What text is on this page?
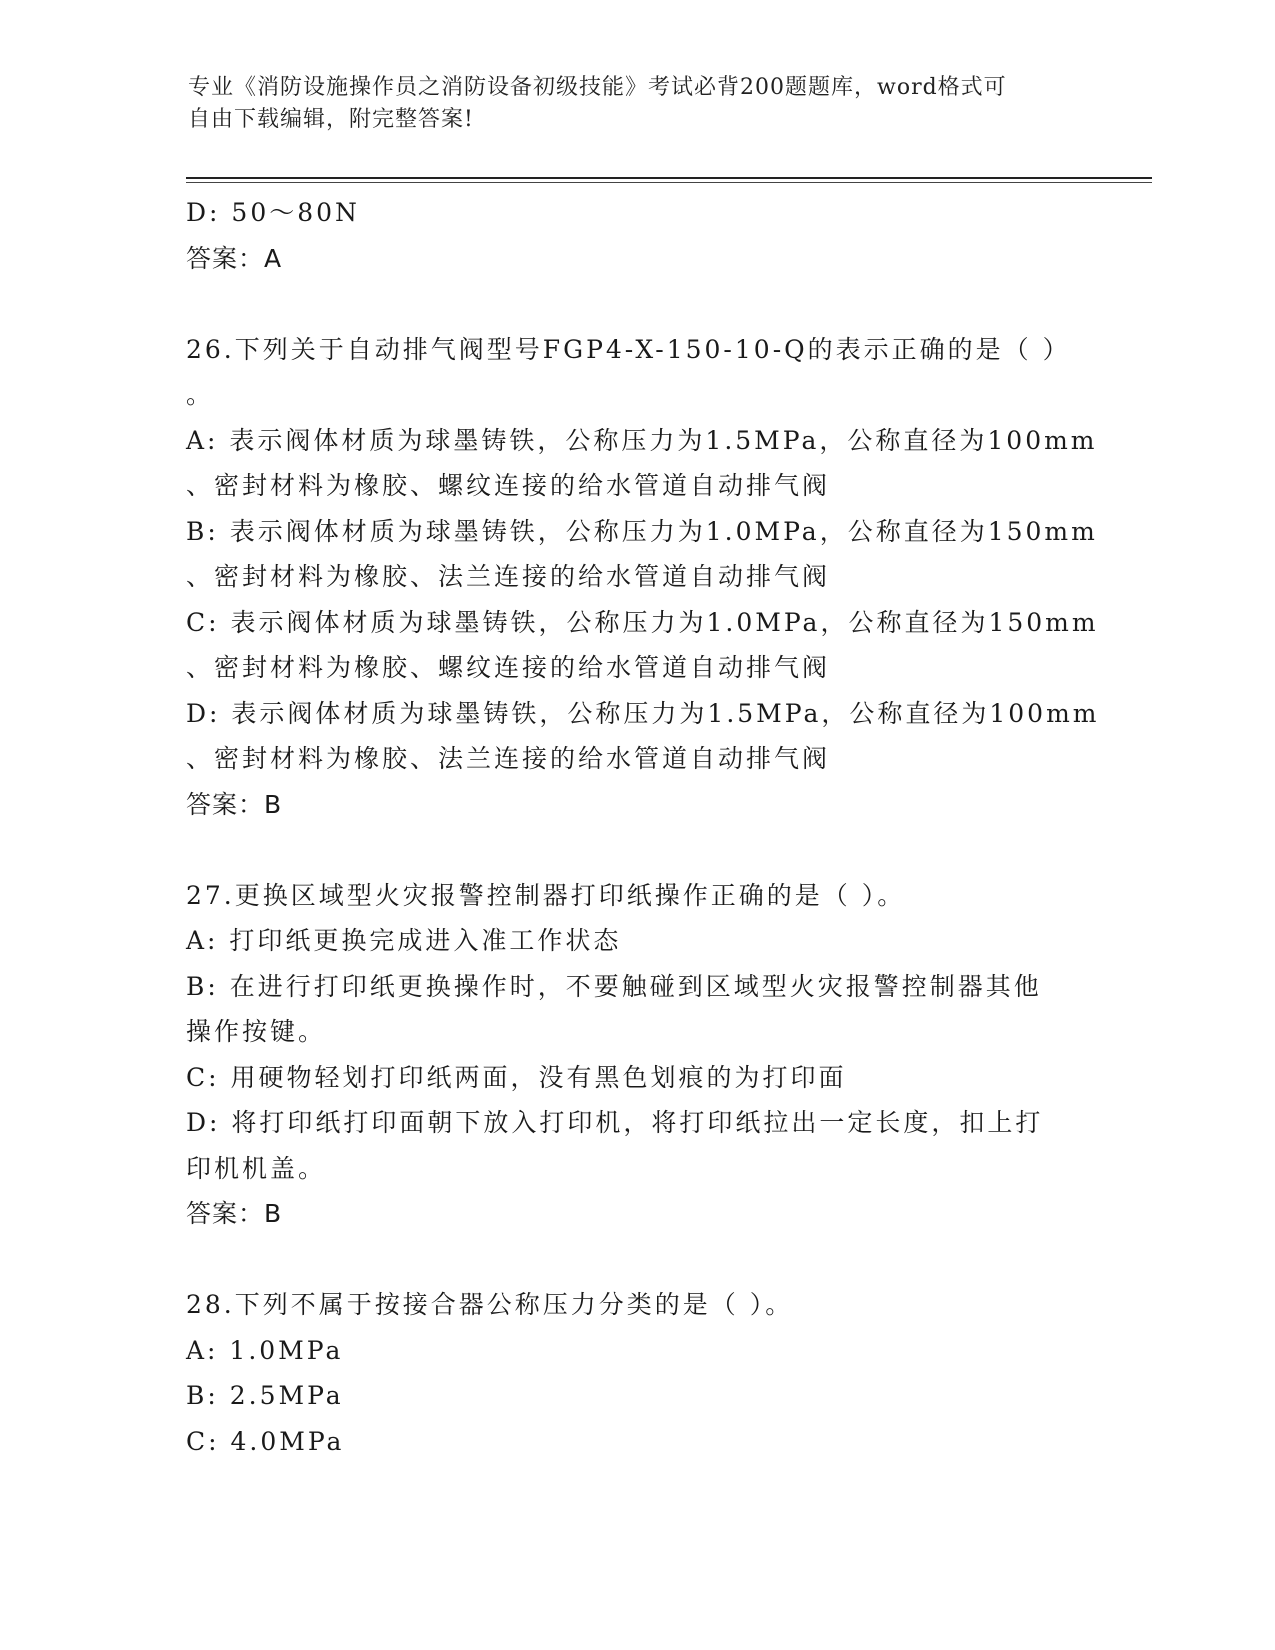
专业《消防设施操作员之消防设备初级技能》考试必背200题题库，word格式可
自由下载编辑，附完整答案!
D: 50～80N
答案：A
26.下列关于自动排气阀型号FGP4-X-150-10-Q的表示正确的是（ ）
。
A: 表示阀体材质为球墨铸铁，公称压力为1.5MPa，公称直径为100mm
、密封材料为橡胶、螺纹连接的给水管道自动排气阀
B: 表示阀体材质为球墨铸铁，公称压力为1.0MPa，公称直径为150mm
、密封材料为橡胶、法兰连接的给水管道自动排气阀
C: 表示阀体材质为球墨铸铁，公称压力为1.0MPa，公称直径为150mm
、密封材料为橡胶、螺纹连接的给水管道自动排气阀
D: 表示阀体材质为球墨铸铁，公称压力为1.5MPa，公称直径为100mm
、密封材料为橡胶、法兰连接的给水管道自动排气阀
答案：B
27.更换区域型火灾报警控制器打印纸操作正确的是（ ）。
A: 打印纸更换完成进入准工作状态
B: 在进行打印纸更换操作时，不要触碰到区域型火灾报警控制器其他
操作按键。
C: 用硬物轻划打印纸两面，没有黑色划痕的为打印面
D: 将打印纸打印面朝下放入打印机，将打印纸拉出一定长度，扣上打
印机机盖。
答案：B
28.下列不属于按接合器公称压力分类的是（ ）。
A: 1.0MPa
B: 2.5MPa
C: 4.0MPa
